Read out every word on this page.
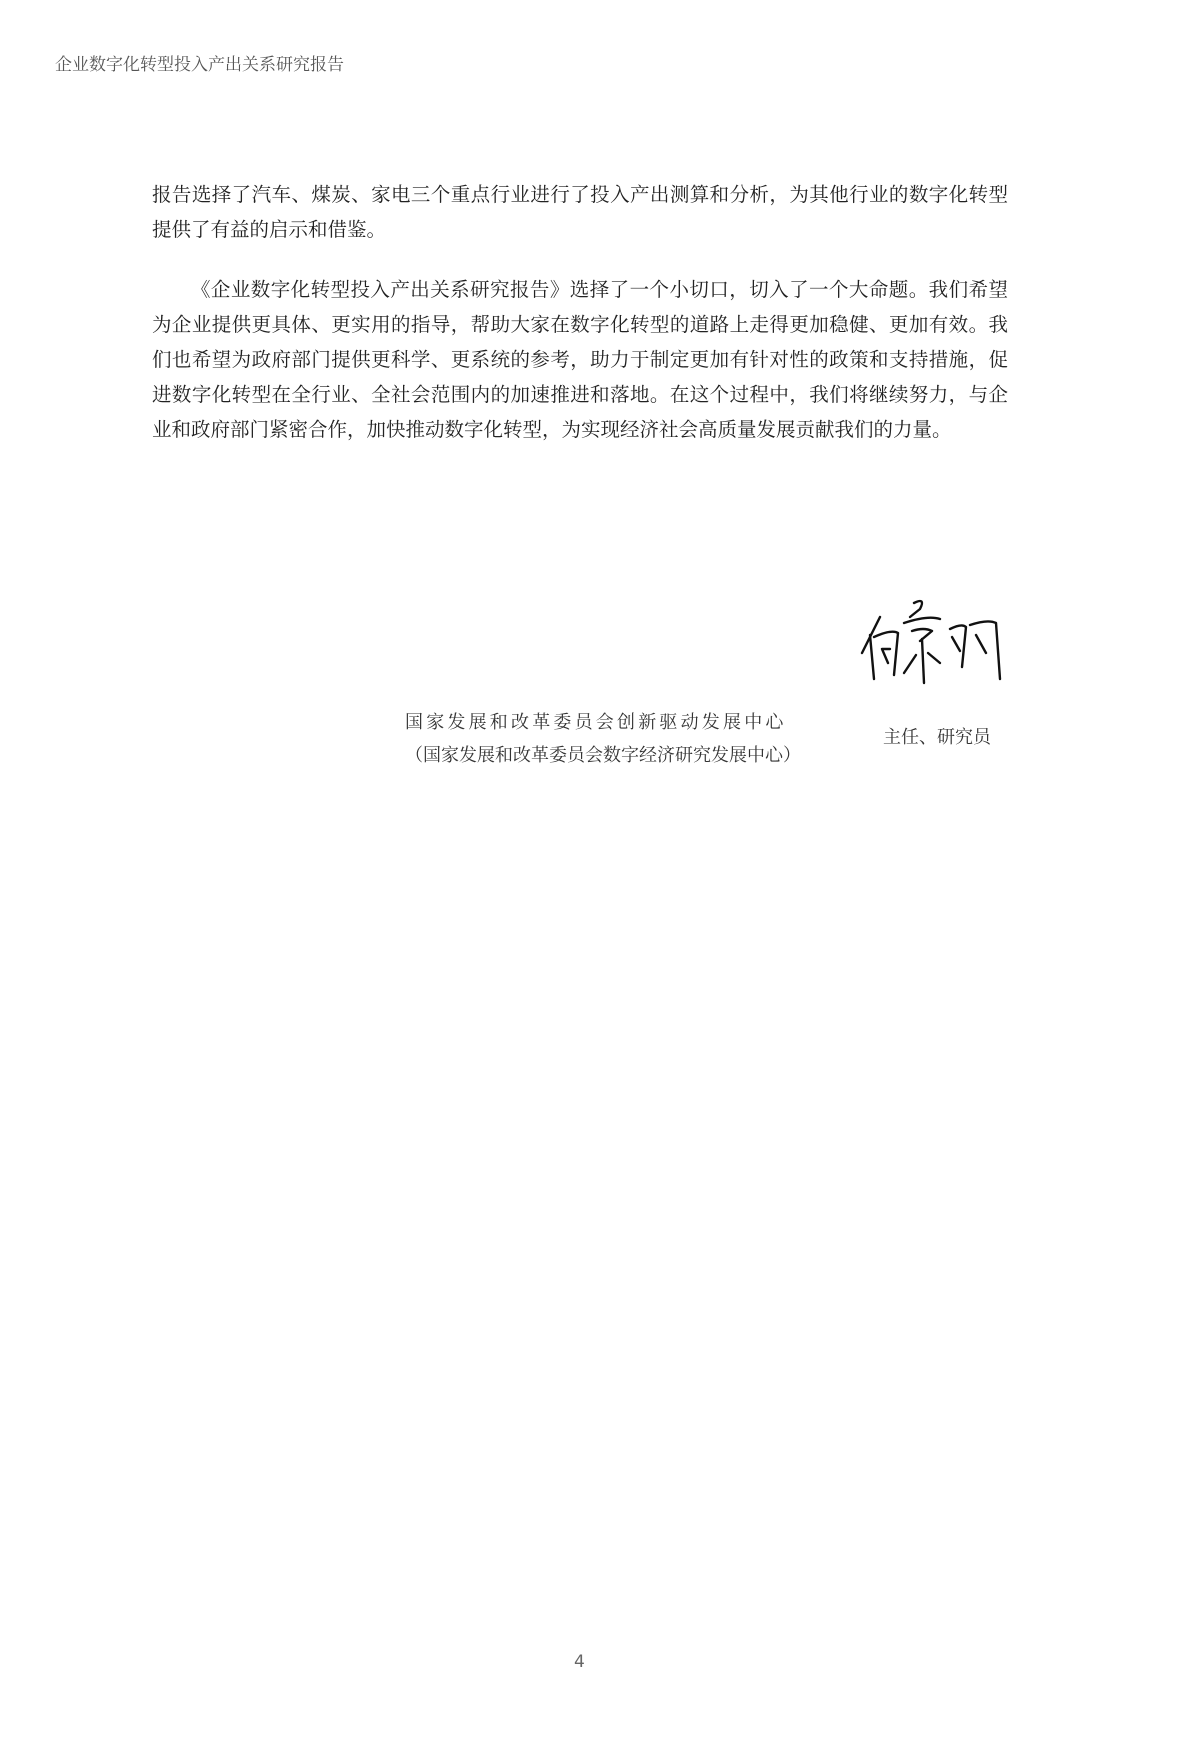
企业数字化转型投入产出关系研究报告

报告选择了汽车、煤炭、家电三个重点行业进行了投入产出测算和分析，为其他行业的数字化转型提供了有益的启示和借鉴。

《企业数字化转型投入产出关系研究报告》选择了一个小切口，切入了一个大命题。我们希望为企业提供更具体、更实用的指导，帮助大家在数字化转型的道路上走得更加稳健、更加有效。我们也希望为政府部门提供更科学、更系统的参考，助力于制定更加有针对性的政策和支持措施，促进数字化转型在全行业、全社会范围内的加速推进和落地。在这个过程中，我们将继续努力，与企业和政府部门紧密合作，加快推动数字化转型，为实现经济社会高质量发展贡献我们的力量。

国家发展和改革委员会创新驱动发展中心
（国家发展和改革委员会数字经济研究发展中心）
主任、研究员
4
